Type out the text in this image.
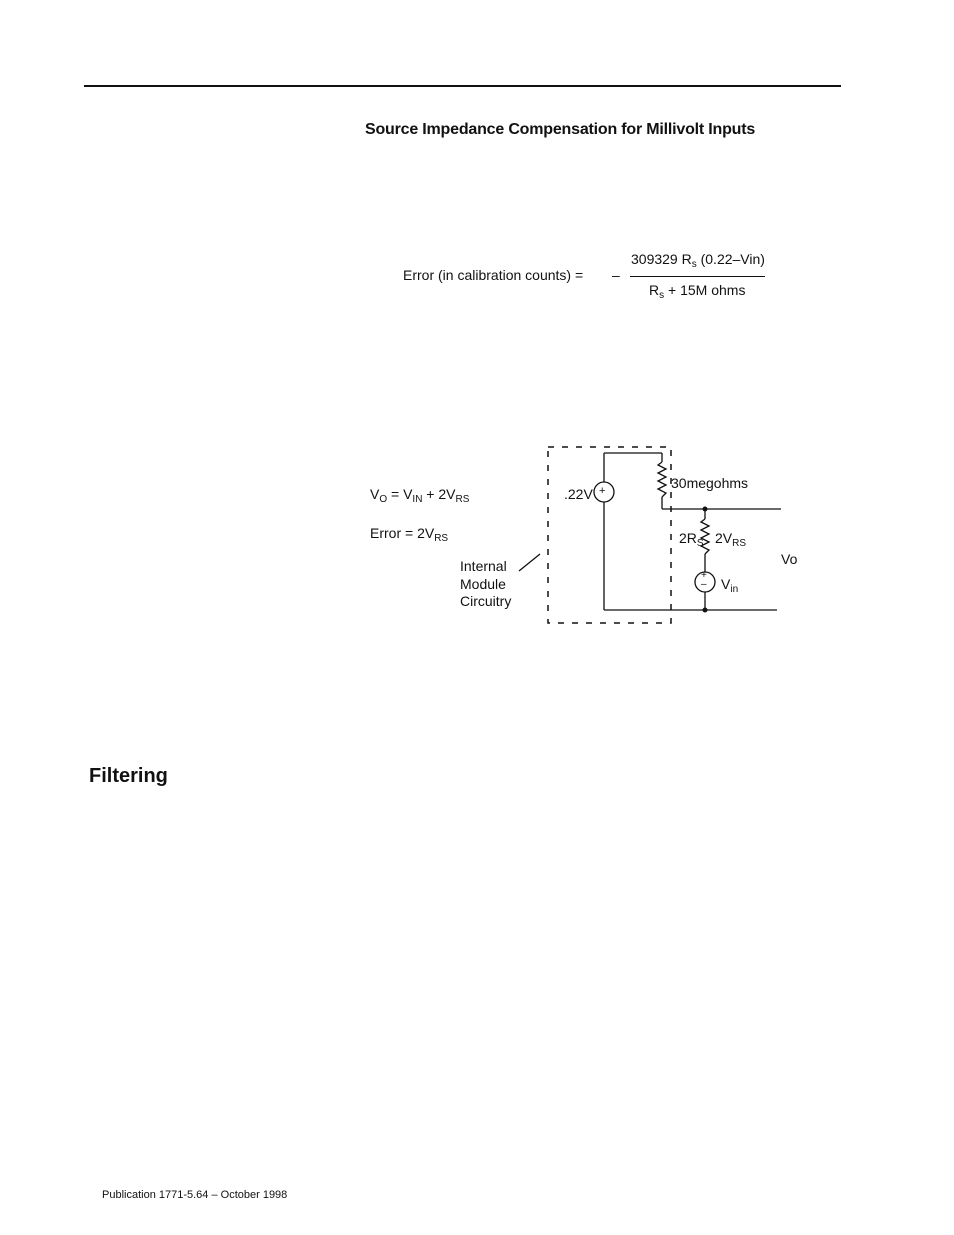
Source Impedance Compensation for Millivolt Inputs
Error (in calibration counts) = –
309329 $R_s$ (0.22–Vin)
$R_s + 15M$ ohms
$V_O = V_{IN} + 2V_{RS}$
Error = $2V_{RS}$
Internal
Module
Circuitry
.22V +	30megohms
$2R_S$ $2V_{RS}$
+
– $V_{in}$
Vo
Filtering
Publication 1771-5.64 – October 1998
